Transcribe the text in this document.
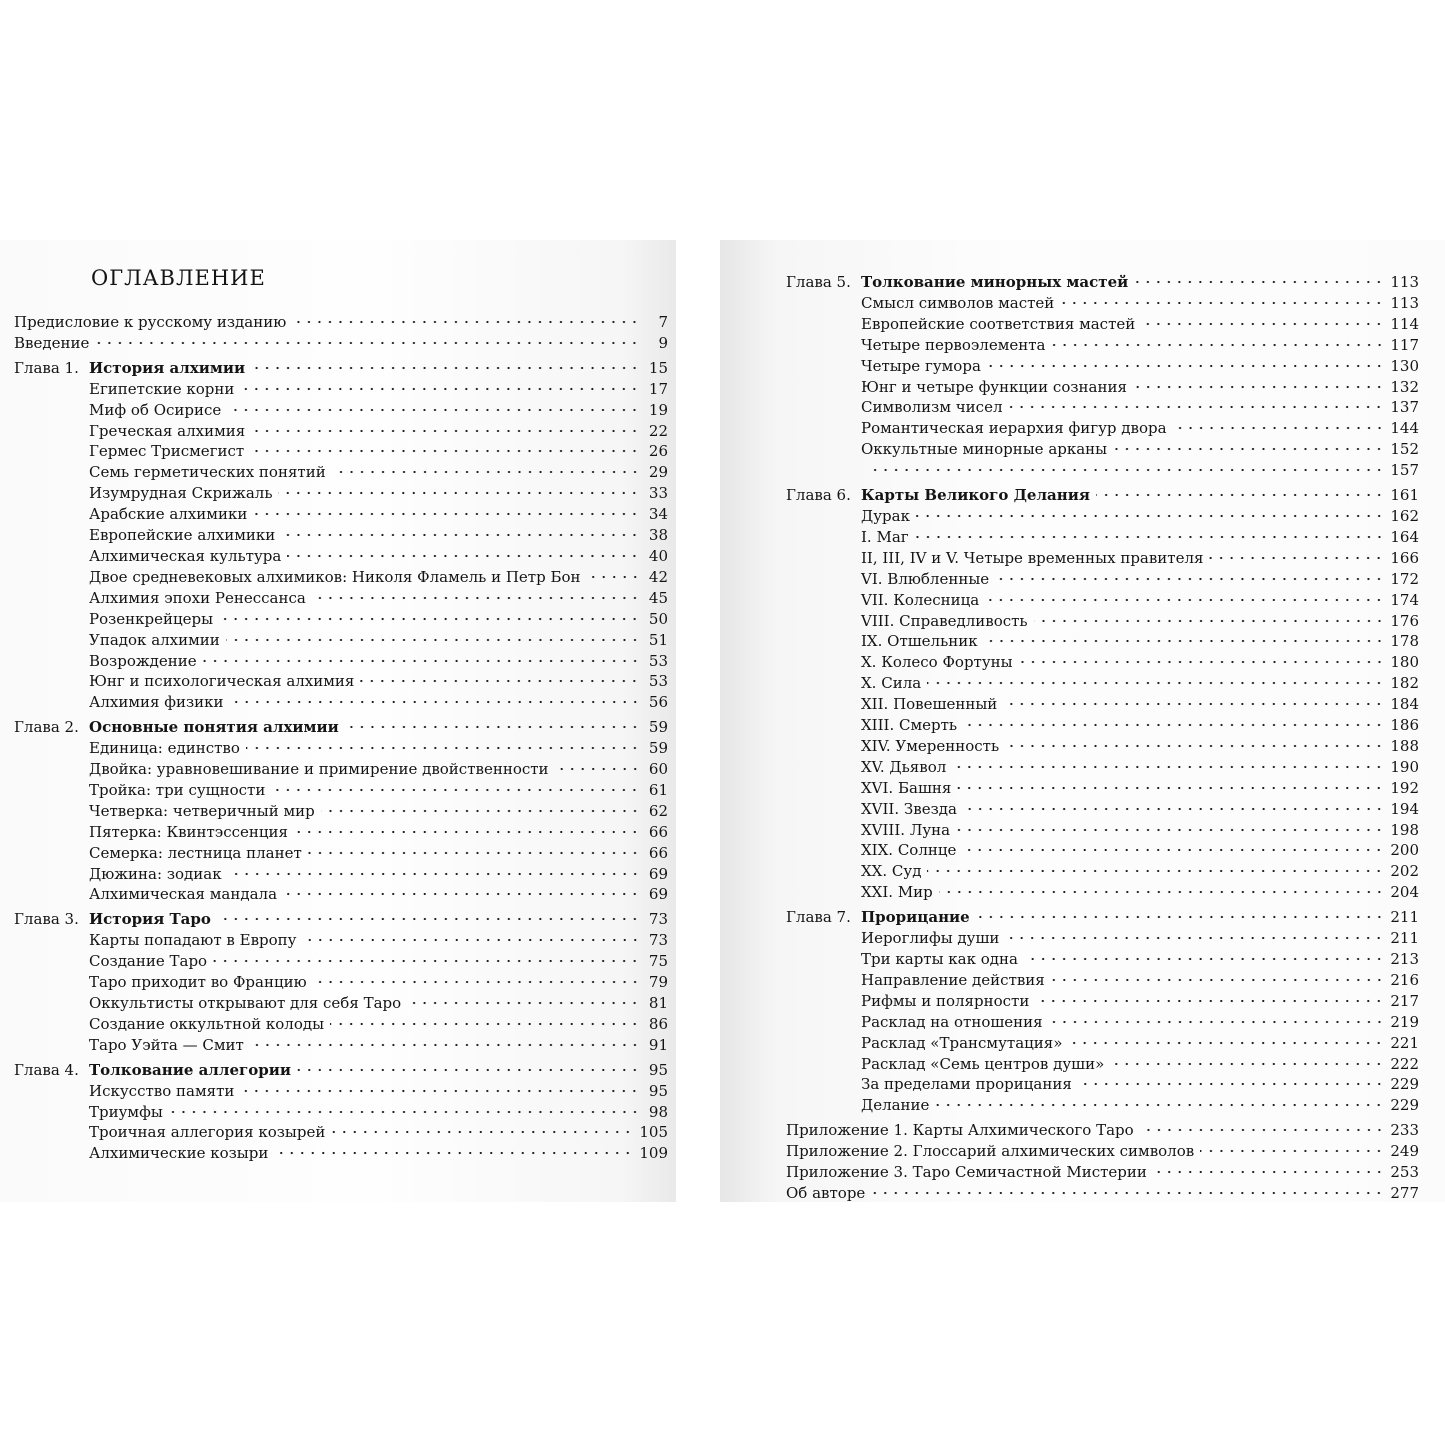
ОГЛАВЛЕНИЕ
Предисловие к русскому изданию	7
Введение	9
Глава 1. История алхимии	15
Египетские корни	17
Миф об Осирисе	19
Греческая алхимия	22
Гермес Трисмегист	26
Семь герметических понятий	29
Изумрудная Скрижаль	33
Арабские алхимики	34
Европейские алхимики	38
Алхимическая культура	40
Двое средневековых алхимиков: Николя Фламель и Петр Бон	42
Алхимия эпохи Ренессанса	45
Розенкрейцеры	50
Упадок алхимии	51
Возрождение	53
Юнг и психологическая алхимия	53
Алхимия физики	56
Глава 2. Основные понятия алхимии	59
Единица: единство	59
Двойка: уравновешивание и примирение двойственности	60
Тройка: три сущности	61
Четверка: четверичный мир	62
Пятерка: Квинтэссенция	66
Семерка: лестница планет	66
Дюжина: зодиак	69
Алхимическая мандала	69
Глава 3. История Таро	73
Карты попадают в Европу	73
Создание Таро	75
Таро приходит во Францию	79
Оккультисты открывают для себя Таро	81
Создание оккультной колоды	86
Таро Уэйта — Смит	91
Глава 4. Толкование аллегории	95
Искусство памяти	95
Триумфы	98
Троичная аллегория козырей	105
Алхимические козыри	109
Глава 5. Толкование минорных мастей	113
Смысл символов мастей	113
Европейские соответствия мастей	114
Четыре первоэлемента	117
Четыре гумора	130
Юнг и четыре функции сознания	132
Символизм чисел	137
Романтическая иерархия фигур двора	144
Оккультные минорные арканы	152
157
Глава 6. Карты Великого Делания	161
Дурак	162
I. Маг	164
II, III, IV и V. Четыре временных правителя	166
VI. Влюбленные	172
VII. Колесница	174
VIII. Справедливость	176
IX. Отшельник	178
X. Колесо Фортуны	180
X. Сила	182
XII. Повешенный	184
XIII. Смерть	186
XIV. Умеренность	188
XV. Дьявол	190
XVI. Башня	192
XVII. Звезда	194
XVIII. Луна	198
XIX. Солнце	200
XX. Суд	202
XXI. Мир	204
Глава 7. Прорицание	211
Иероглифы души	211
Три карты как одна	213
Направление действия	216
Рифмы и полярности	217
Расклад на отношения	219
Расклад «Трансмутация»	221
Расклад «Семь центров души»	222
За пределами прорицания	229
Делание	229
Приложение 1. Карты Алхимического Таро	233
Приложение 2. Глоссарий алхимических символов	249
Приложение 3. Таро Семичастной Мистерии	253
Об авторе	277
